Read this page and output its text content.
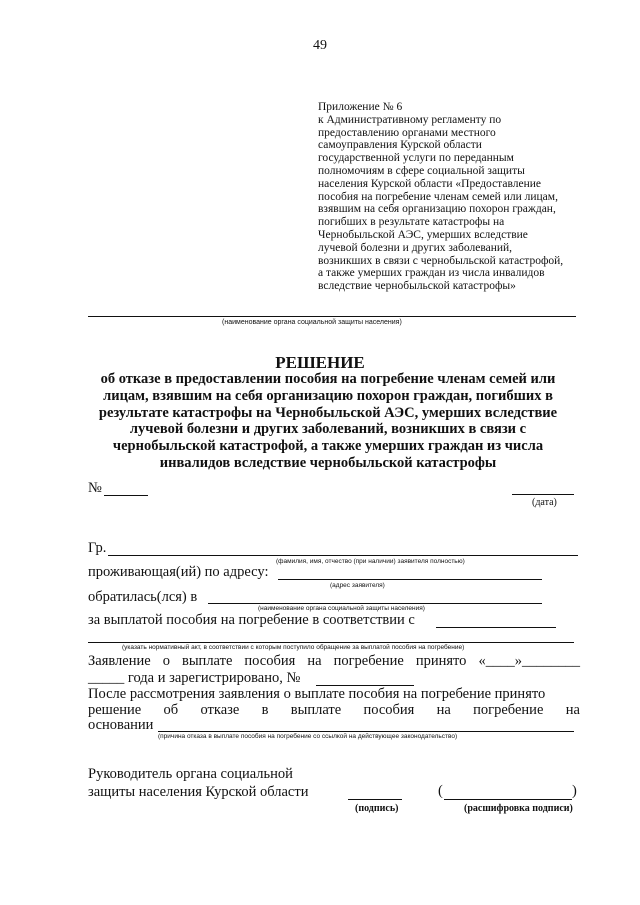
49
Приложение № 6
к Административному регламенту по
предоставлению органами местного
самоуправления Курской области
государственной услуги по переданным
полномочиям в сфере социальной защиты
населения Курской области «Предоставление
пособия на погребение членам семей или лицам,
взявшим на себя организацию похорон граждан,
погибших в результате катастрофы на
Чернобыльской АЭС, умерших вследствие
лучевой болезни и других заболеваний,
возникших в связи с чернобыльской катастрофой,
а также умерших граждан из числа инвалидов
вследствие чернобыльской катастрофы»
(наименование органа социальной защиты населения)
РЕШЕНИЕ
об отказе в предоставлении пособия на погребение членам семей или
лицам, взявшим на себя организацию похорон граждан, погибших в
результате катастрофы на Чернобыльской АЭС, умерших вследствие
лучевой болезни и других заболеваний, возникших в связи с
чернобыльской катастрофой, а также умерших граждан из числа
инвалидов вследствие чернобыльской катастрофы
№
(дата)
Гр.
(фамилия, имя, отчество (при наличии) заявителя полностью)
проживающая(ий) по адресу:
(адрес заявителя)
обратилась(лся) в
(наименование органа социальной защиты населения)
за выплатой пособия на погребение в соответствии с
(указать нормативный акт, в соответствии с которым поступило обращение за выплатой пособия на погребение)
Заявление о выплате пособия на погребение принято «____»________
_____ года и зарегистрировано, №
После рассмотрения заявления о выплате пособия на погребение принято
решение об отказе в выплате пособия на погребение на
основании
(причина отказа в выплате пособия на погребение со ссылкой на действующее законодательство)
Руководитель органа социальной
защиты населения Курской области
(подпись)
(	)
(расшифровка подписи)
